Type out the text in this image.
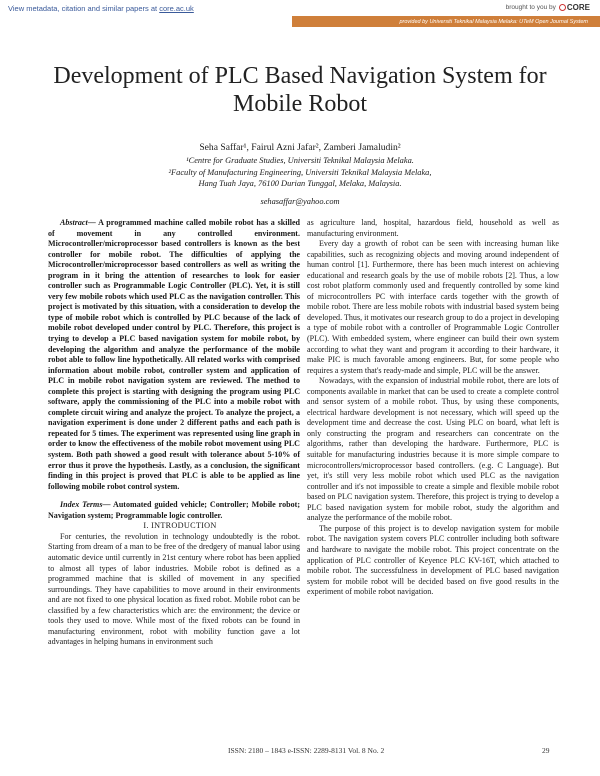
View metadata, citation and similar papers at core.ac.uk	brought to you by CORE
provided by Universiti Teknikal Malaysia Melaka: UTeM Open Journal System
Development of PLC Based Navigation System for Mobile Robot
Seha Saffar¹, Fairul Azni Jafar², Zamberi Jamaludin²
¹Centre for Graduate Studies, Universiti Teknikal Malaysia Melaka.
²Faculty of Manufacturing Engineering, Universiti Teknikal Malaysia Melaka,
Hang Tuah Jaya, 76100 Durian Tunggal, Melaka, Malaysia.
sehasaffar@yahoo.com

Abstract— A programmed machine called mobile robot has a skilled of movement in any controlled environment. Microcontroller/microprocessor based controllers is known as the best controller for mobile robot. The difficulties of applying the Microcontroller/microprocessor based controllers as well as writing the program in it bring the attention of researches to look for easier controller such as Programmable Logic Controller (PLC). Yet, it is still very few mobile robots which used PLC as the navigation controller. This project is motivated by this situation, with a consideration to develop the type of mobile robot which is controlled by PLC because of the lack of mobile robot developed under control by PLC. Therefore, this project is trying to develop a PLC based navigation system for mobile robot, by developing the algorithm and analyze the performance of the mobile robot able to follow line hypothetically. All related works with comprised information about mobile robot, controller system and application of PLC in mobile robot navigation system are reviewed. The method to complete this project is starting with designing the program using PLC software, apply the commissioning of the PLC into a mobile robot with complete circuit wiring and analyze the project. To analyze the project, a navigation experiment is done under 2 different paths and each path is repeated for 5 times. The experiment was represented using line graph in order to know the effectiveness of the mobile robot movement using PLC system. Both path showed a good result with tolerance about 5-10% of error thus it prove the hypothesis. Lastly, as a conclusion, the significant finding in this project is proved that PLC is able to be applied as line following mobile robot control system.

Index Terms— Automated guided vehicle; Controller; Mobile robot; Navigation system; Programmable logic controller.

I. INTRODUCTION

For centuries, the revolution in technology undoubtedly is the robot. Starting from dream of a man to be free of the dredgery of manual labor using automatic device until currently in 21st century where robot has been applied to almost all types of labor industries. Mobile robot is defined as a programmed machine that is skilled of movement in any specified surroundings. They have capabilities to move around in their environments and are not fixed to one physical location as fixed robot. Mobile robot can be classified by a few characteristics which are: the environment; the device or tools they used to move. While most of the fixed robots can be found in manufacturing environment, robot with mobility function gave a lot advantages in helping humans in environment such

as agriculture land, hospital, hazardous field, household as well as manufacturing environment.

Every day a growth of robot can be seen with increasing human like capabilities, such as recognizing objects and moving around independent of human control [1]. Furthermore, there has been much interest on achieving educational and research goals by the use of mobile robots [2]. Thus, a low cost robot platform commonly used and frequently controlled by some kind of microcontrollers PC with interface cards together with the growth of mobile robot. There are less mobile robots with industrial based system being developed. Thus, it motivates our research group to do a project in developing a type of mobile robot with a controller of Programmable Logic Controller (PLC). With embedded system, where engineer can build their own system according to what they want and program it according to their hardware, it make PIC is much favorable among engineers. But, for some people who requires a system that's ready-made and simple, PLC will be the answer.

Nowadays, with the expansion of industrial mobile robot, there are lots of components available in market that can be used to create a complete control and sensor system of a mobile robot. Thus, by using these components, electrical hardware development is not necessary, which will speed up the development time and decrease the cost. Using PLC on board, what left is only constructing the program and researchers can concentrate on the algorithms, rather than developing the hardware. Furthermore, PLC is suitable for manufacturing industries because it is more simple compare to microcontrollers/microprocessor based controllers. (e.g. C Language). But yet, it's still very less mobile robot which used PLC as the navigation controller and it's not impossible to create a simple and flexible mobile robot based on PLC navigation system. Therefore, this project is trying to develop a PLC based navigation system for mobile robot, study the algorithm and analyze the performance of the mobile robot.

The purpose of this project is to develop navigation system for mobile robot. The navigation system covers PLC controller including both software and hardware to navigate the mobile robot. This project concentrate on the application of PLC controller of Keyence PLC KV-16T, which attached to mobile robot. The successfulness in development of PLC based navigation system for mobile robot will be decided based on five good results in the experiment of mobile robot navigation.

ISSN: 2180 – 1843 e-ISSN: 2289-8131 Vol. 8 No. 2	29
